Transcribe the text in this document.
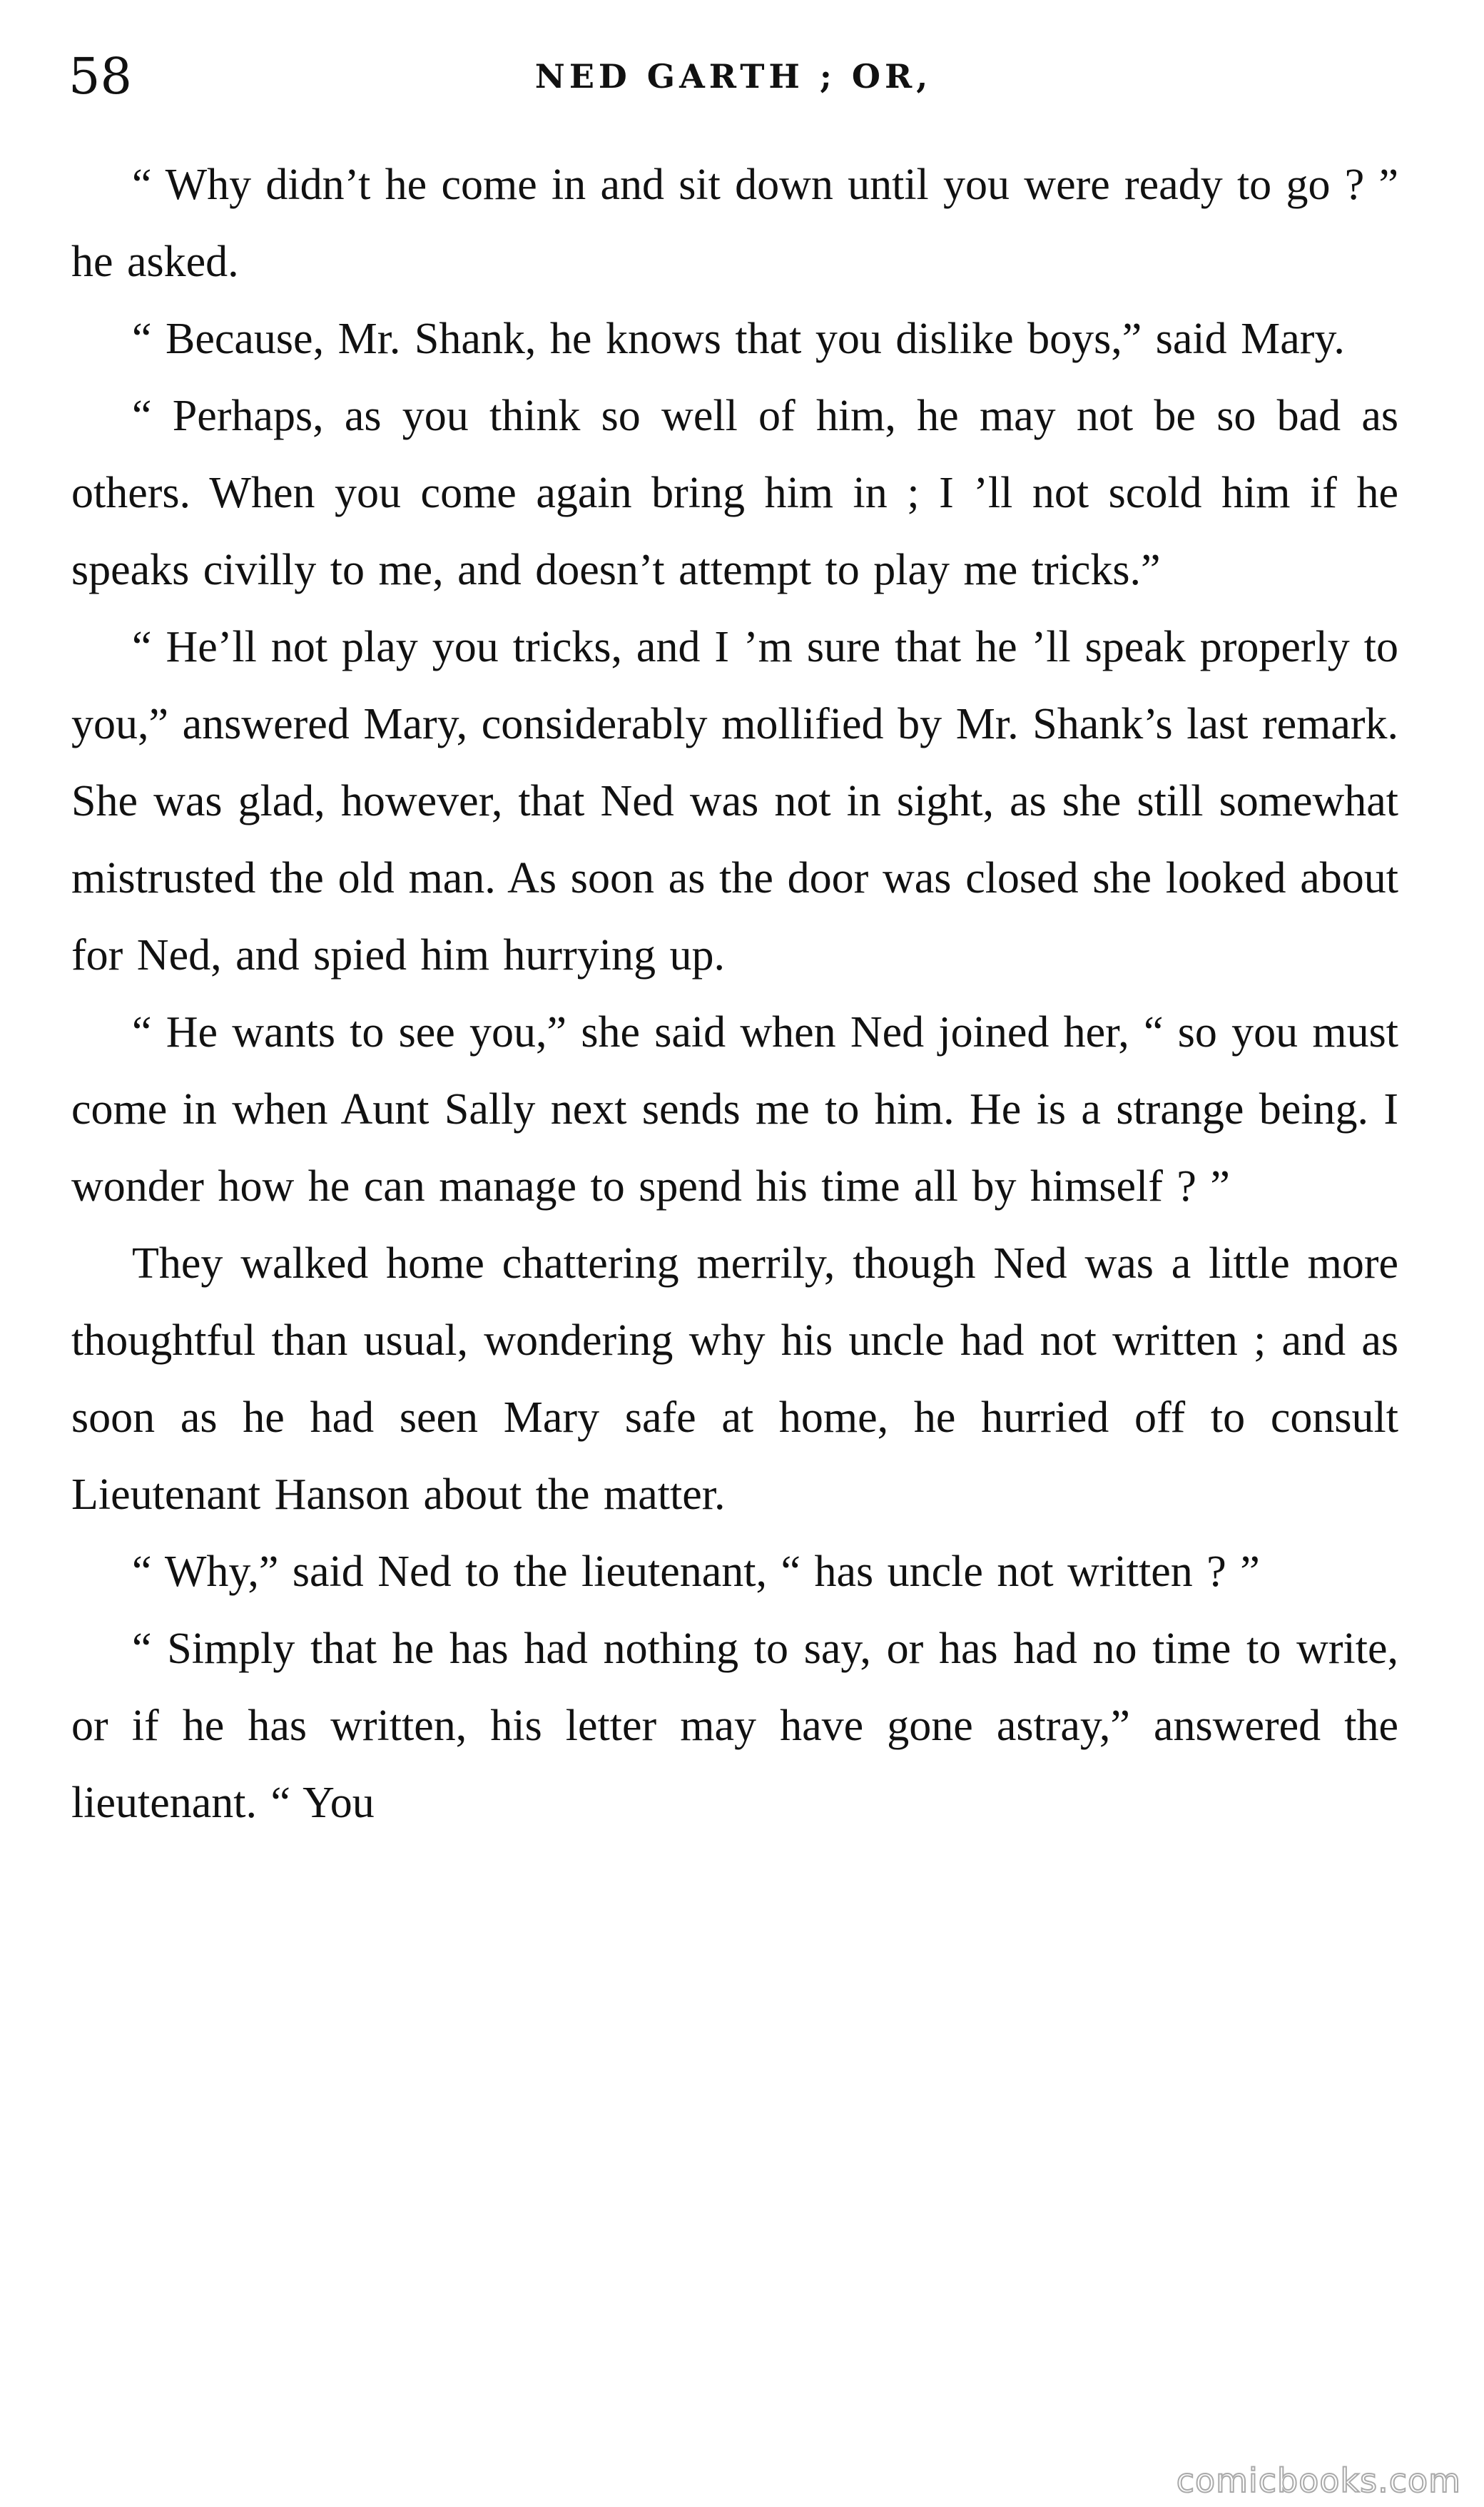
58	NED GARTH ; OR,

“ Why didn’t he come in and sit down until you were ready to go ? ” he asked.

“ Because, Mr. Shank, he knows that you dislike boys,” said Mary.

“ Perhaps, as you think so well of him, he may not be so bad as others. When you come again bring him in ; I ’ll not scold him if he speaks civilly to me, and doesn’t attempt to play me tricks.”

“ He’ll not play you tricks, and I ’m sure that he ’ll speak properly to you,” answered Mary, considerably mollified by Mr. Shank’s last remark. She was glad, however, that Ned was not in sight, as she still somewhat mistrusted the old man. As soon as the door was closed she looked about for Ned, and spied him hurrying up.

“ He wants to see you,” she said when Ned joined her, “ so you must come in when Aunt Sally next sends me to him. He is a strange being. I wonder how he can manage to spend his time all by himself ? ”

They walked home chattering merrily, though Ned was a little more thoughtful than usual, wondering why his uncle had not written ; and as soon as he had seen Mary safe at home, he hurried off to consult Lieutenant Hanson about the matter.

“ Why,” said Ned to the lieutenant, “ has uncle not written ? ”

“ Simply that he has had nothing to say, or has had no time to write, or if he has written, his letter may have gone astray,” answered the lieutenant. “ You

comicbooks.com
